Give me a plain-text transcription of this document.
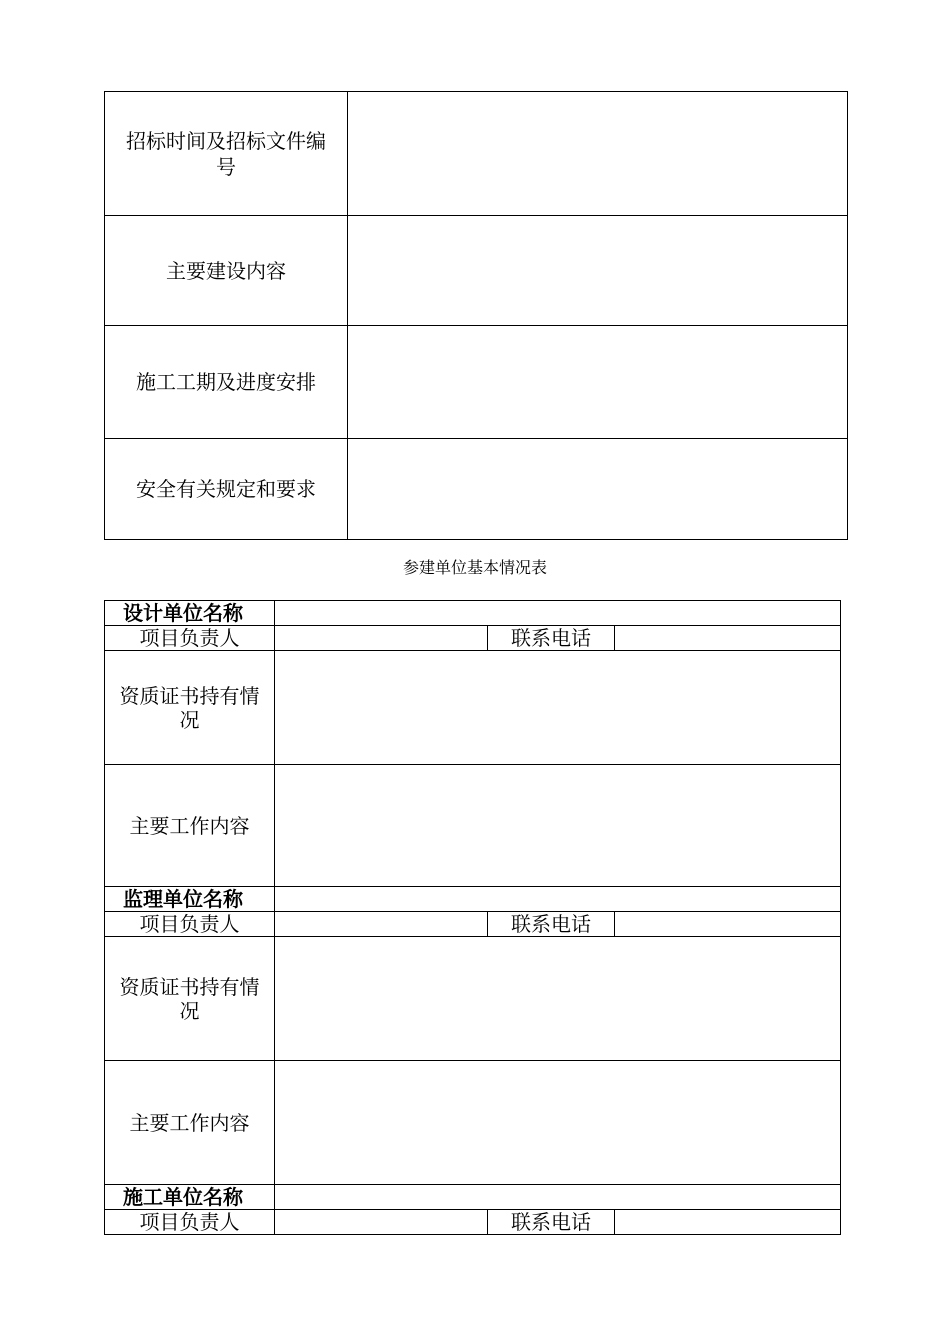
招标时间及招标文件编号	
主要建设内容	
施工工期及进度安排	
安全有关规定和要求	
参建单位基本情况表
设计单位名称			
项目负责人		联系电话	
资质证书持有情况			
主要工作内容			
监理单位名称			
项目负责人		联系电话	
资质证书持有情况			
主要工作内容			
施工单位名称			
项目负责人		联系电话	
